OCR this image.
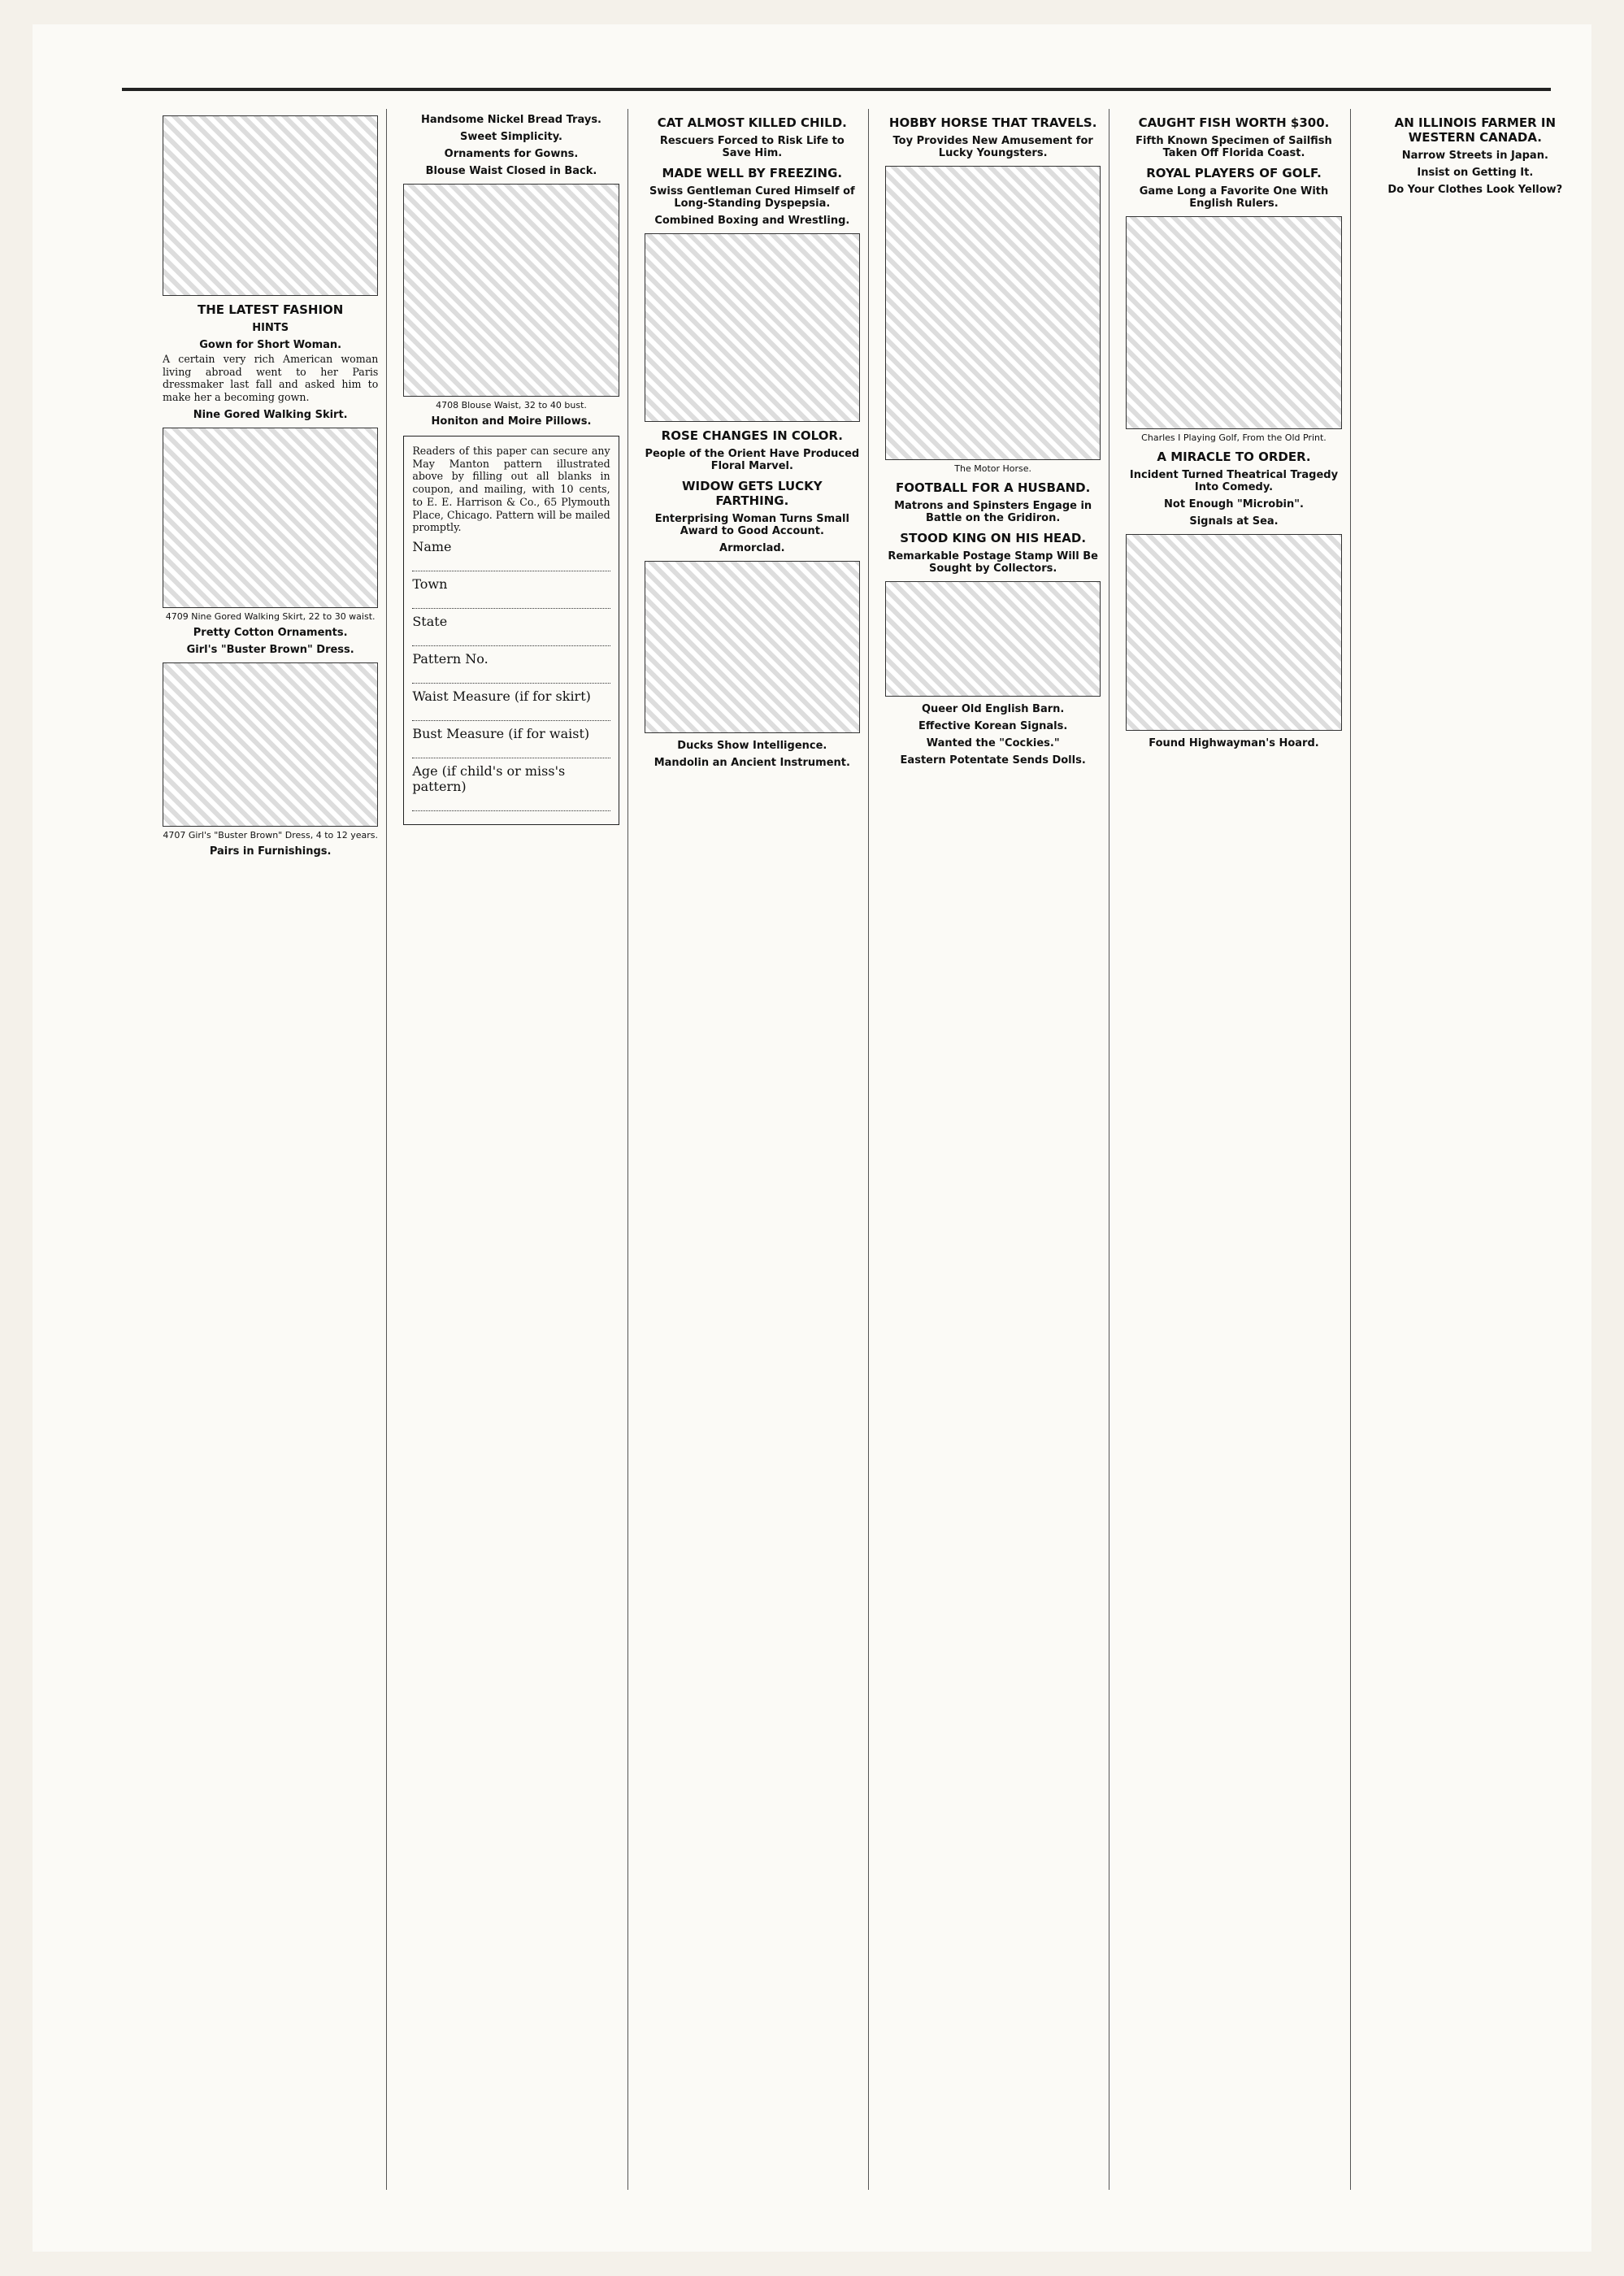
THE LATEST FASHION
HINTS
Gown for Short Woman.

A certain very rich American woman living abroad went to her Paris dressmaker last fall and asked him to make her a becoming gown.

Nine Gored Walking Skirt.
4709 Nine Gored Walking Skirt, 22 to 30 waist.
Pretty Cotton Ornaments.
Girl's "Buster Brown" Dress.
4707 Girl's "Buster Brown" Dress, 4 to 12 years.
Pairs in Furnishings.
Handsome Nickel Bread Trays.
Sweet Simplicity.
Ornaments for Gowns.
Blouse Waist Closed in Back.
4708 Blouse Waist, 32 to 40 bust.
Honiton and Moire Pillows.

Readers of this paper can secure any May Manton pattern illustrated above by filling out all blanks in coupon, and mailing, with 10 cents, to E. E. Harrison & Co., 65 Plymouth Place, Chicago. Pattern will be mailed promptly.

Name
Town
State
Pattern No.
Waist Measure (if for skirt)
Bust Measure (if for waist)
Age (if child's or miss's pattern)
CAT ALMOST KILLED CHILD.
Rescuers Forced to Risk Life to Save Him.
MADE WELL BY FREEZING.
Swiss Gentleman Cured Himself of Long-Standing Dyspepsia.
Combined Boxing and Wrestling.
ROSE CHANGES IN COLOR.
People of the Orient Have Produced Floral Marvel.
WIDOW GETS LUCKY FARTHING.
Enterprising Woman Turns Small Award to Good Account.
Armorclad.
Ducks Show Intelligence.
Mandolin an Ancient Instrument.
HOBBY HORSE THAT TRAVELS.
Toy Provides New Amusement for Lucky Youngsters.
The Motor Horse.
FOOTBALL FOR A HUSBAND.
Matrons and Spinsters Engage in Battle on the Gridiron.
STOOD KING ON HIS HEAD.
Remarkable Postage Stamp Will Be Sought by Collectors.
Queer Old English Barn.
Effective Korean Signals.
Wanted the "Cockies."
Eastern Potentate Sends Dolls.
CAUGHT FISH WORTH $300.
Fifth Known Specimen of Sailfish Taken Off Florida Coast.
ROYAL PLAYERS OF GOLF.
Game Long a Favorite One With English Rulers.
Charles I Playing Golf, From the Old Print.
A MIRACLE TO ORDER.
Incident Turned Theatrical Tragedy Into Comedy.
Not Enough "Microbin".
Signals at Sea.
Found Highwayman's Hoard.
AN ILLINOIS FARMER IN WESTERN CANADA.
Narrow Streets in Japan.
Insist on Getting It.
Do Your Clothes Look Yellow?
